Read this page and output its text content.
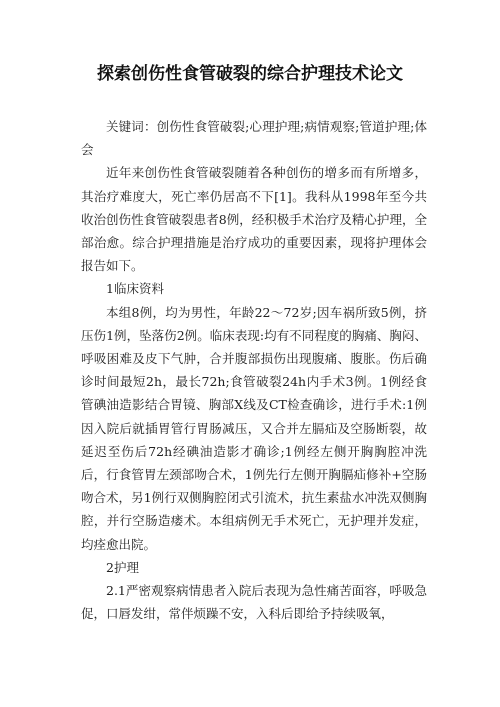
探索创伤性食管破裂的综合护理技术论文

关键词：创伤性食管破裂;心理护理;病情观察;管道护理;体会

近年来创伤性食管破裂随着各种创伤的增多而有所增多，其治疗难度大，死亡率仍居高不下[1]。我科从1998年至今共收治创伤性食管破裂患者8例，经积极手术治疗及精心护理，全部治愈。综合护理措施是治疗成功的重要因素，现将护理体会报告如下。

1临床资料

本组8例，均为男性，年龄22～72岁;因车祸所致5例，挤压伤1例，坠落伤2例。临床表现:均有不同程度的胸痛、胸闷、呼吸困难及皮下气肿，合并腹部损伤出现腹痛、腹胀。伤后确诊时间最短2h，最长72h;食管破裂24h内手术3例。1例经食管碘油造影结合胃镜、胸部X线及CT检查确诊，进行手术:1例因入院后就插胃管行胃肠减压，又合并左膈疝及空肠断裂，故延迟至伤后72h经碘油造影才确诊;1例经左侧开胸胸腔冲洗后，行食管胃左颈部吻合术，1例先行左侧开胸膈疝修补+空肠吻合术，另1例行双侧胸腔闭式引流术，抗生素盐水冲洗双侧胸腔，并行空肠造瘘术。本组病例无手术死亡，无护理并发症，均痊愈出院。

2护理

2.1严密观察病情患者入院后表现为急性痛苦面容，呼吸急促，口唇发绀，常伴烦躁不安，入科后即给予持续吸氧，
